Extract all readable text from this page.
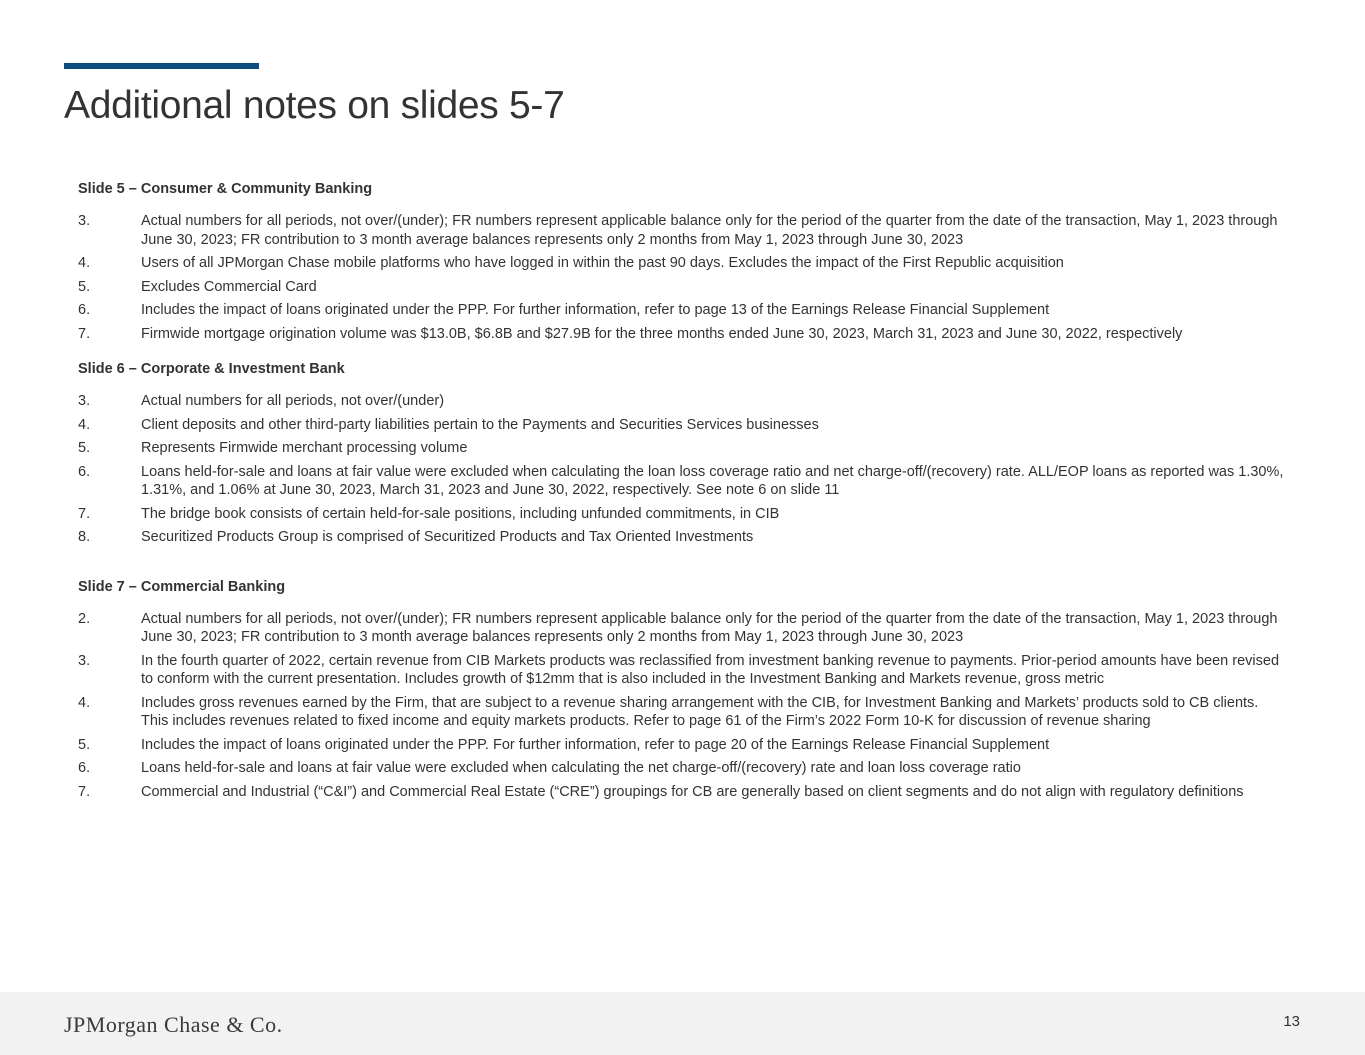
Additional notes on slides 5-7
Slide 5 – Consumer & Community Banking
3.	Actual numbers for all periods, not over/(under); FR numbers represent applicable balance only for the period of the quarter from the date of the transaction, May 1, 2023 through June 30, 2023; FR contribution to 3 month average balances represents only 2 months from May 1, 2023 through June 30, 2023
4.	Users of all JPMorgan Chase mobile platforms who have logged in within the past 90 days. Excludes the impact of the First Republic acquisition
5.	Excludes Commercial Card
6.	Includes the impact of loans originated under the PPP. For further information, refer to page 13 of the Earnings Release Financial Supplement
7.	Firmwide mortgage origination volume was $13.0B, $6.8B and $27.9B for the three months ended June 30, 2023, March 31, 2023 and June 30, 2022, respectively
Slide 6 – Corporate & Investment Bank
3.	Actual numbers for all periods, not over/(under)
4.	Client deposits and other third-party liabilities pertain to the Payments and Securities Services businesses
5.	Represents Firmwide merchant processing volume
6.	Loans held-for-sale and loans at fair value were excluded when calculating the loan loss coverage ratio and net charge-off/(recovery) rate. ALL/EOP loans as reported was 1.30%, 1.31%, and 1.06% at June 30, 2023, March 31, 2023 and June 30, 2022, respectively. See note 6 on slide 11
7.	The bridge book consists of certain held-for-sale positions, including unfunded commitments, in CIB
8.	Securitized Products Group is comprised of Securitized Products and Tax Oriented Investments
Slide 7 – Commercial Banking
2.	Actual numbers for all periods, not over/(under); FR numbers represent applicable balance only for the period of the quarter from the date of the transaction, May 1, 2023 through June 30, 2023; FR contribution to 3 month average balances represents only 2 months from May 1, 2023 through June 30, 2023
3.	In the fourth quarter of 2022, certain revenue from CIB Markets products was reclassified from investment banking revenue to payments. Prior-period amounts have been revised to conform with the current presentation. Includes growth of $12mm that is also included in the Investment Banking and Markets revenue, gross metric
4.	Includes gross revenues earned by the Firm, that are subject to a revenue sharing arrangement with the CIB, for Investment Banking and Markets’ products sold to CB clients. This includes revenues related to fixed income and equity markets products. Refer to page 61 of the Firm’s 2022 Form 10-K for discussion of revenue sharing
5.	Includes the impact of loans originated under the PPP. For further information, refer to page 20 of the Earnings Release Financial Supplement
6.	Loans held-for-sale and loans at fair value were excluded when calculating the net charge-off/(recovery) rate and loan loss coverage ratio
7.	Commercial and Industrial (“C&I”) and Commercial Real Estate (“CRE”) groupings for CB are generally based on client segments and do not align with regulatory definitions
JPMorgan Chase & Co.	13
